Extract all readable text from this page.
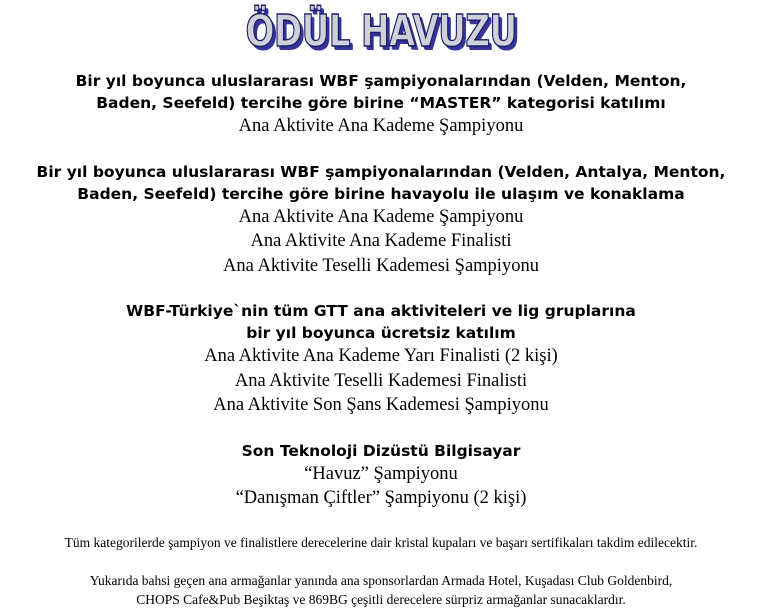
ÖDÜL HAVUZU

Bir yıl boyunca uluslararası WBF şampiyonalarından (Velden, Menton,

Baden, Seefeld) tercihe göre birine “MASTER” kategorisi katılımı

Ana Aktivite Ana Kademe Şampiyonu

Bir yıl boyunca uluslararası WBF şampiyonalarından (Velden, Antalya, Menton,

Baden, Seefeld) tercihe göre birine havayolu ile ulaşım ve konaklama

Ana Aktivite Ana Kademe Şampiyonu

Ana Aktivite Ana Kademe Finalisti

Ana Aktivite Teselli Kademesi Şampiyonu

WBF-Türkiye`nin tüm GTT ana aktiviteleri ve lig gruplarına

bir yıl boyunca ücretsiz katılım

Ana Aktivite Ana Kademe Yarı Finalisti (2 kişi)

Ana Aktivite Teselli Kademesi Finalisti

Ana Aktivite Son Şans Kademesi Şampiyonu

Son Teknoloji Dizüstü Bilgisayar

“Havuz” Şampiyonu

“Danışman Çiftler” Şampiyonu (2 kişi)

Tüm kategorilerde şampiyon ve finalistlere derecelerine dair kristal kupaları ve başarı sertifikaları takdim edilecektir.

Yukarıda bahsi geçen ana armağanlar yanında ana sponsorlardan Armada Hotel, Kuşadası Club Goldenbird,

CHOPS Cafe&Pub Beşiktaş ve 869BG çeşitli derecelere sürpriz armağanlar sunacaklardır.
